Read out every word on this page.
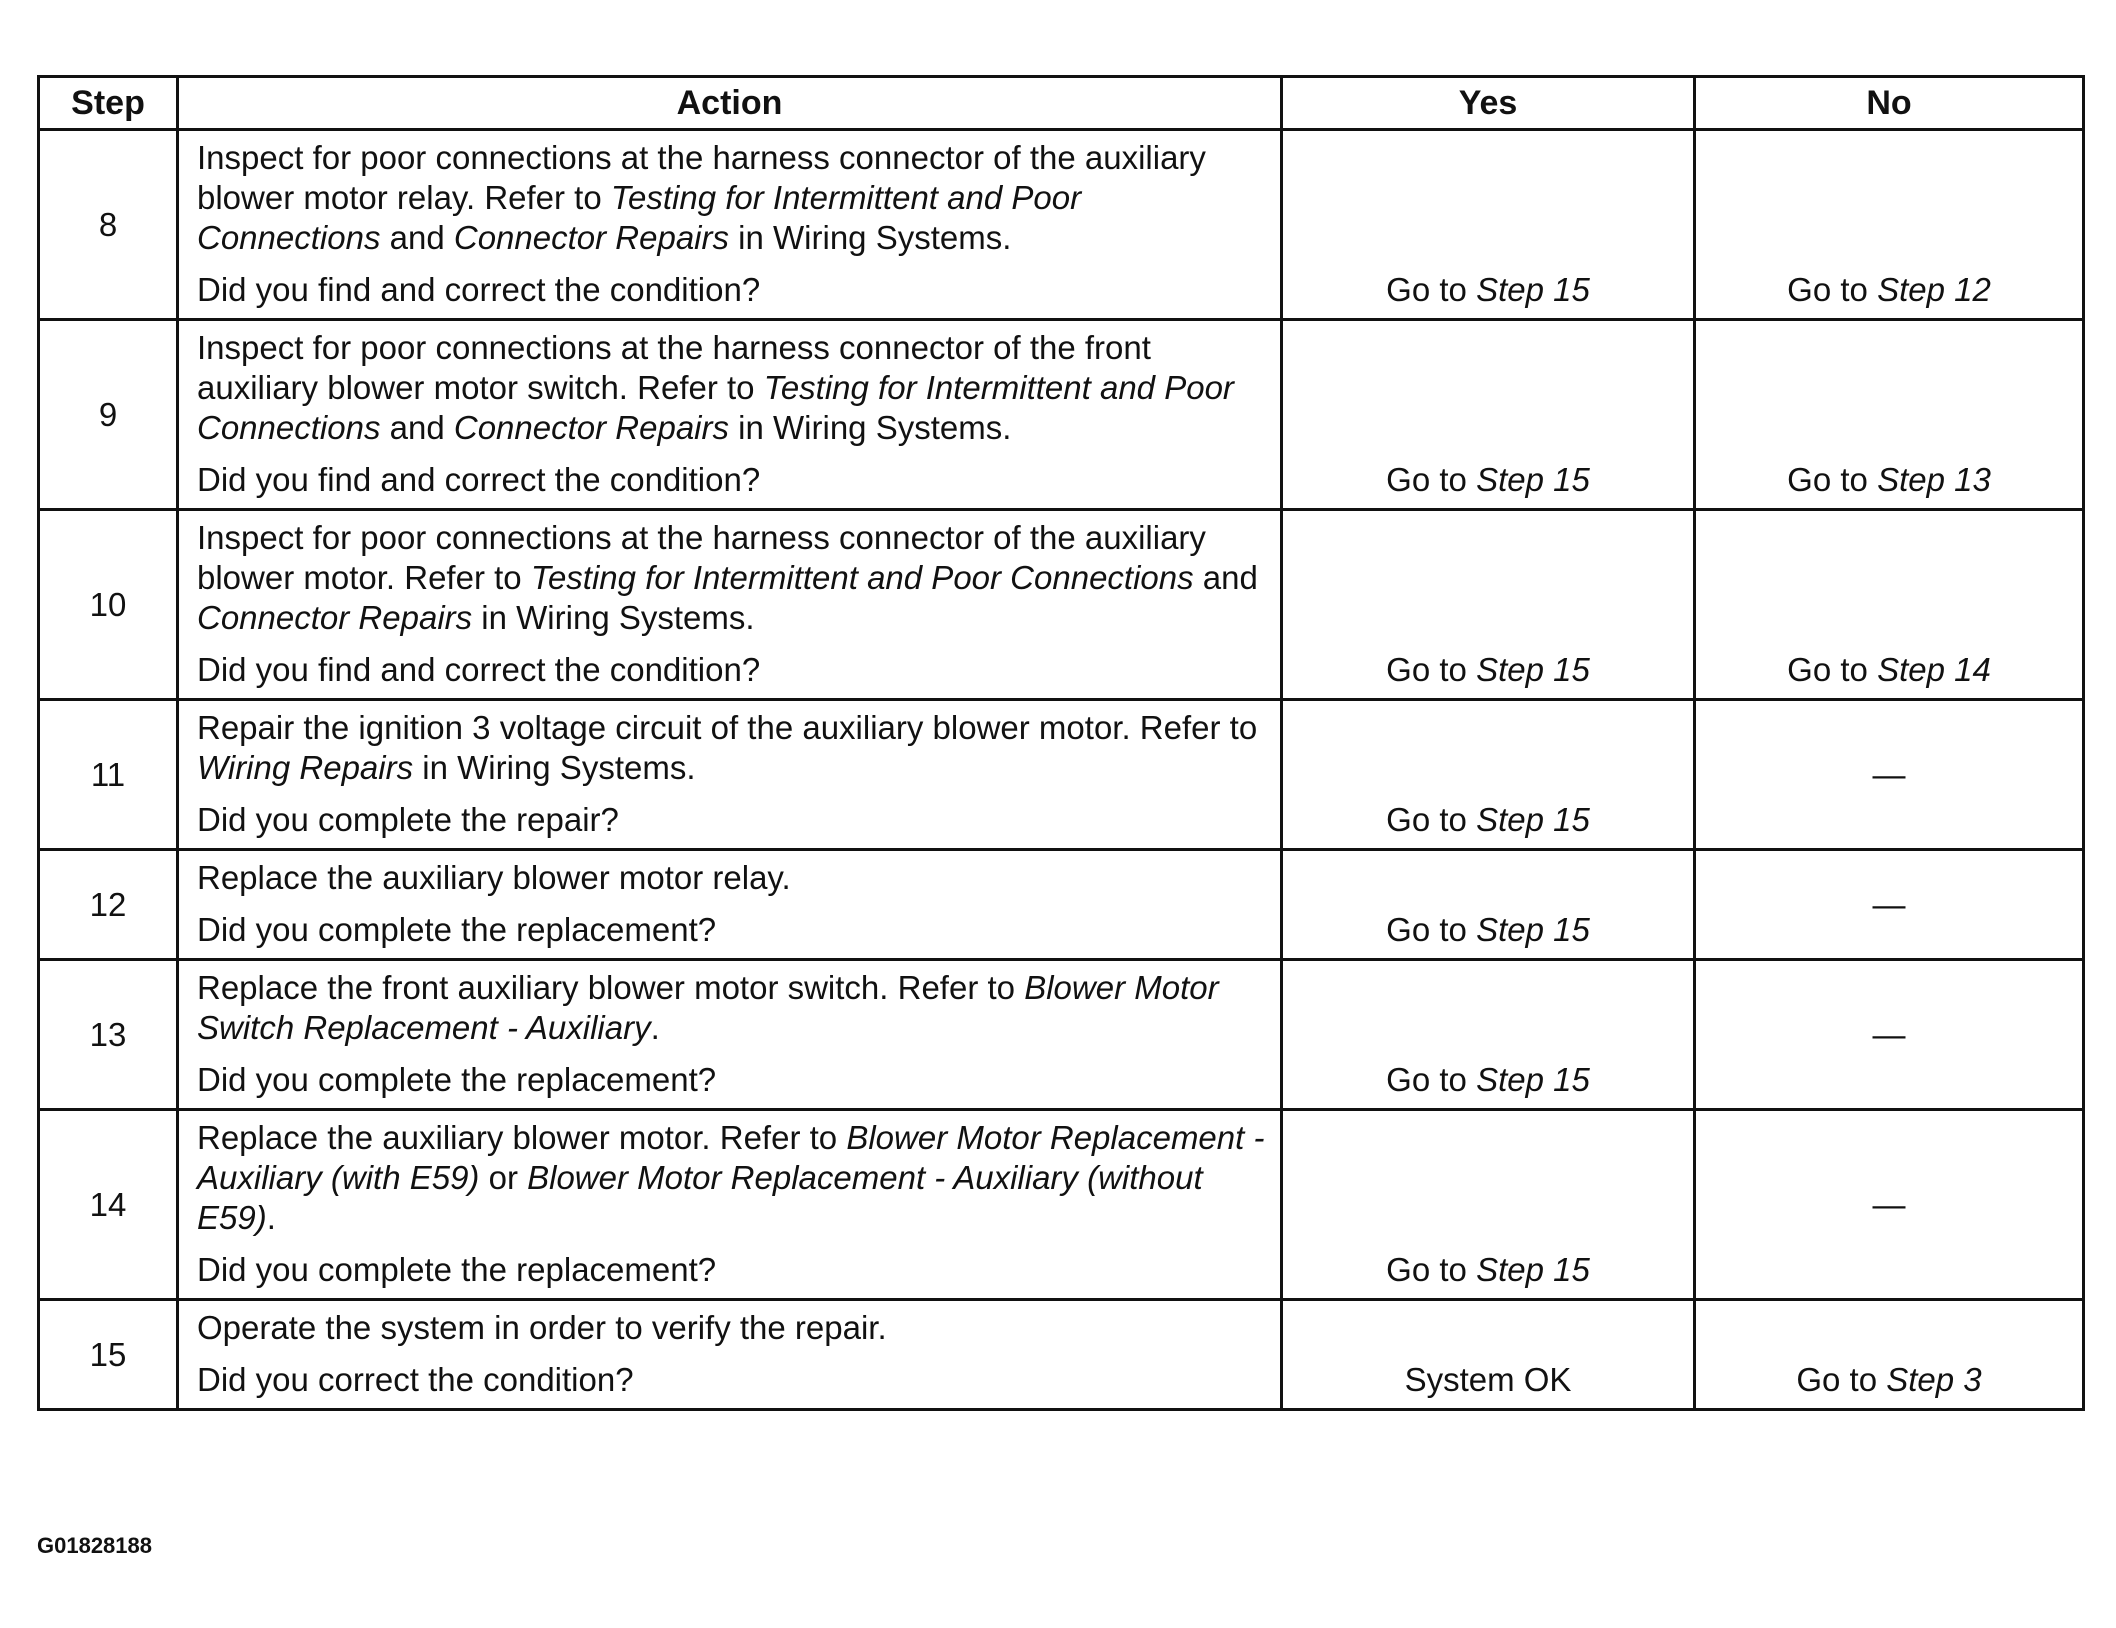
Step	Action	Yes	No
8	Inspect for poor connections at the harness connector of the auxiliary blower motor relay. Refer to Testing for Intermittent and Poor Connections and Connector Repairs in Wiring Systems.
Did you find and correct the condition?	Go to Step 15	Go to Step 12
9	Inspect for poor connections at the harness connector of the front auxiliary blower motor switch. Refer to Testing for Intermittent and Poor Connections and Connector Repairs in Wiring Systems.
Did you find and correct the condition?	Go to Step 15	Go to Step 13
10	Inspect for poor connections at the harness connector of the auxiliary blower motor. Refer to Testing for Intermittent and Poor Connections and Connector Repairs in Wiring Systems.
Did you find and correct the condition?	Go to Step 15	Go to Step 14
11	Repair the ignition 3 voltage circuit of the auxiliary blower motor. Refer to Wiring Repairs in Wiring Systems.
Did you complete the repair?	Go to Step 15	—
12	Replace the auxiliary blower motor relay.
Did you complete the replacement?	Go to Step 15	—
13	Replace the front auxiliary blower motor switch. Refer to Blower Motor Switch Replacement - Auxiliary.
Did you complete the replacement?	Go to Step 15	—
14	Replace the auxiliary blower motor. Refer to Blower Motor Replacement - Auxiliary (with E59) or Blower Motor Replacement - Auxiliary (without E59).
Did you complete the replacement?	Go to Step 15	—
15	Operate the system in order to verify the repair.
Did you correct the condition?	System OK	Go to Step 3
G01828188
